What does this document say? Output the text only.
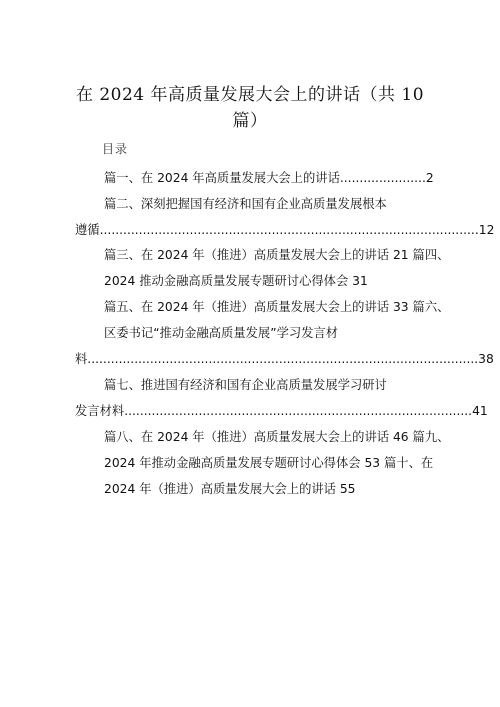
在 2024 年高质量发展大会上的讲话（共 10
篇）
目录
篇一、在 2024 年高质量发展大会上的讲话......................2
篇二、深刻把握国有经济和国有企业高质量发展根本
遵循.................................................................................................12
篇三、在 2024 年（推进）高质量发展大会上的讲话 21 篇四、
2024 推动金融高质量发展专题研讨心得体会 31
篇五、在 2024 年（推进）高质量发展大会上的讲话 33 篇六、
区委书记“推动金融高质量发展”学习发言材
料....................................................................................................38
篇七、推进国有经济和国有企业高质量发展学习研讨
发言材料.........................................................................................41
篇八、在 2024 年（推进）高质量发展大会上的讲话 46 篇九、
2024 年推动金融高质量发展专题研讨心得体会 53 篇十、在
2024 年（推进）高质量发展大会上的讲话 55
